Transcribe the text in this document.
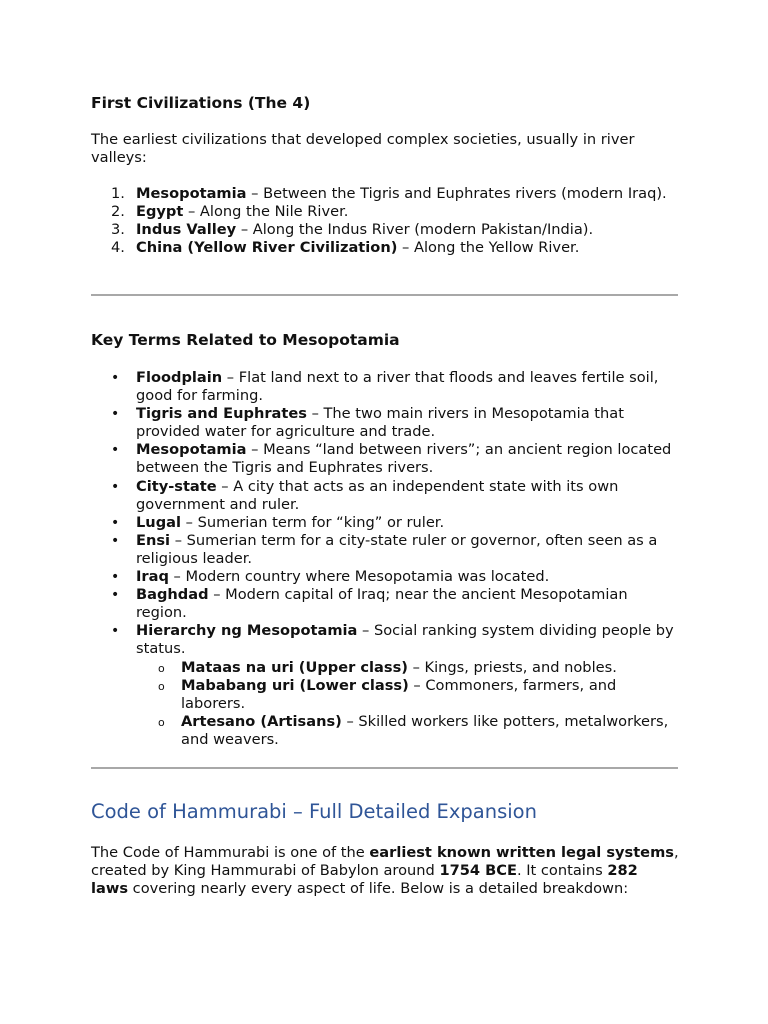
First Civilizations (The 4)
The earliest civilizations that developed complex societies, usually in river valleys:
1. Mesopotamia – Between the Tigris and Euphrates rivers (modern Iraq).
2. Egypt – Along the Nile River.
3. Indus Valley – Along the Indus River (modern Pakistan/India).
4. China (Yellow River Civilization) – Along the Yellow River.
Key Terms Related to Mesopotamia
• Floodplain – Flat land next to a river that floods and leaves fertile soil, good for farming.
• Tigris and Euphrates – The two main rivers in Mesopotamia that provided water for agriculture and trade.
• Mesopotamia – Means “land between rivers”; an ancient region located between the Tigris and Euphrates rivers.
• City-state – A city that acts as an independent state with its own government and ruler.
• Lugal – Sumerian term for “king” or ruler.
• Ensi – Sumerian term for a city-state ruler or governor, often seen as a religious leader.
• Iraq – Modern country where Mesopotamia was located.
• Baghdad – Modern capital of Iraq; near the ancient Mesopotamian region.
• Hierarchy ng Mesopotamia – Social ranking system dividing people by status.
o Mataas na uri (Upper class) – Kings, priests, and nobles.
o Mababang uri (Lower class) – Commoners, farmers, and laborers.
o Artesano (Artisans) – Skilled workers like potters, metalworkers, and weavers.
Code of Hammurabi – Full Detailed Expansion
The Code of Hammurabi is one of the earliest known written legal systems, created by King Hammurabi of Babylon around 1754 BCE. It contains 282 laws covering nearly every aspect of life. Below is a detailed breakdown:
